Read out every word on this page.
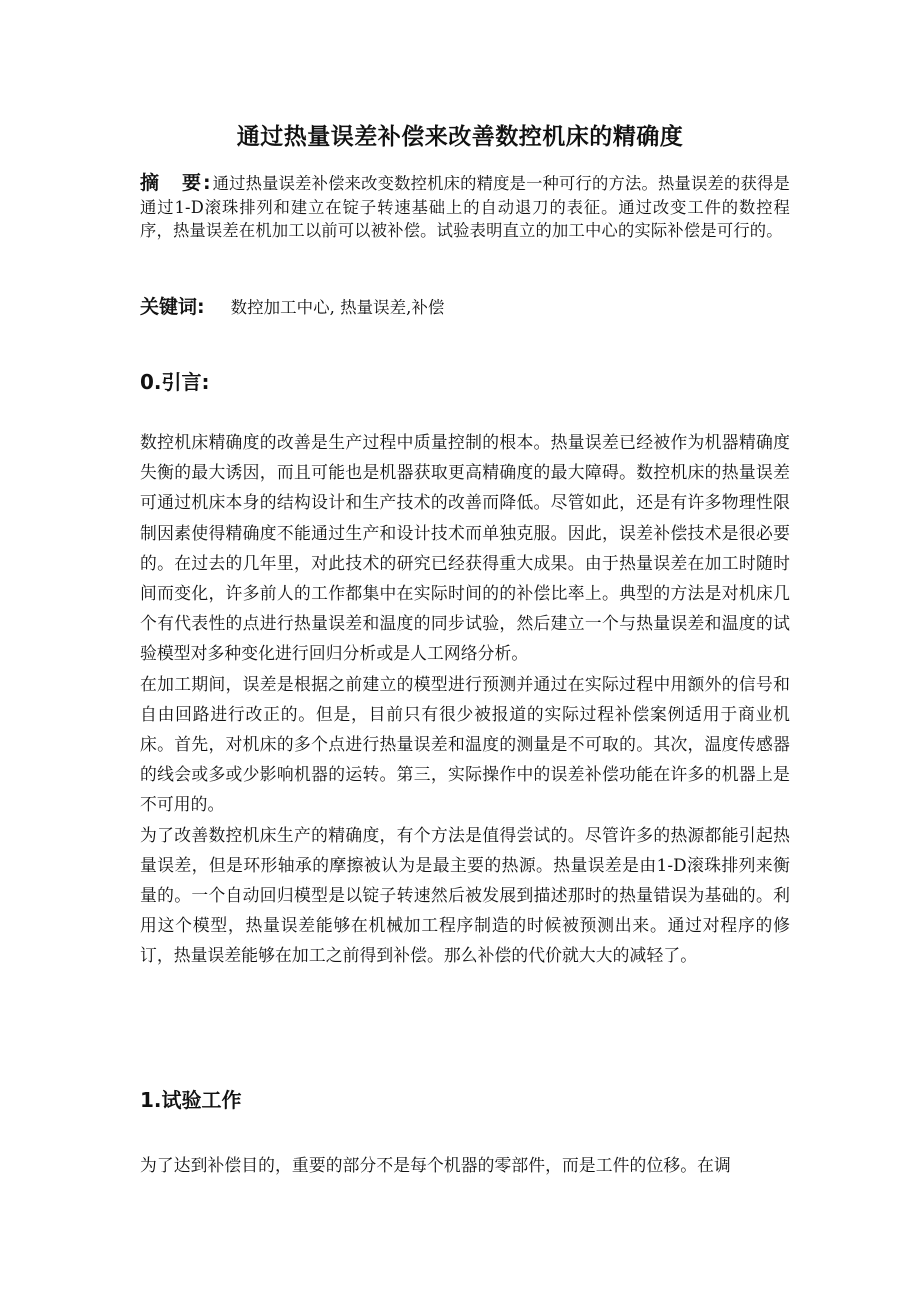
通过热量误差补偿来改善数控机床的精确度
摘　要:通过热量误差补偿来改变数控机床的精度是一种可行的方法。热量误差的获得是通过1-D滚珠排列和建立在锭子转速基础上的自动退刀的表征。通过改变工件的数控程序，热量误差在机加工以前可以被补偿。试验表明直立的加工中心的实际补偿是可行的。
关键词: 数控加工中心, 热量误差,补偿
0.引言:

数控机床精确度的改善是生产过程中质量控制的根本。热量误差已经被作为机器精确度失衡的最大诱因，而且可能也是机器获取更高精确度的最大障碍。数控机床的热量误差可通过机床本身的结构设计和生产技术的改善而降低。尽管如此，还是有许多物理性限制因素使得精确度不能通过生产和设计技术而单独克服。因此，误差补偿技术是很必要的。在过去的几年里，对此技术的研究已经获得重大成果。由于热量误差在加工时随时间而变化，许多前人的工作都集中在实际时间的的补偿比率上。典型的方法是对机床几个有代表性的点进行热量误差和温度的同步试验，然后建立一个与热量误差和温度的试验模型对多种变化进行回归分析或是人工网络分析。

在加工期间，误差是根据之前建立的模型进行预测并通过在实际过程中用额外的信号和自由回路进行改正的。但是，目前只有很少被报道的实际过程补偿案例适用于商业机床。首先，对机床的多个点进行热量误差和温度的测量是不可取的。其次，温度传感器的线会或多或少影响机器的运转。第三，实际操作中的误差补偿功能在许多的机器上是不可用的。

为了改善数控机床生产的精确度，有个方法是值得尝试的。尽管许多的热源都能引起热量误差，但是环形轴承的摩擦被认为是最主要的热源。热量误差是由1-D滚珠排列来衡量的。一个自动回归模型是以锭子转速然后被发展到描述那时的热量错误为基础的。利用这个模型，热量误差能够在机械加工程序制造的时候被预测出来。通过对程序的修订，热量误差能够在加工之前得到补偿。那么补偿的代价就大大的减轻了。

1.试验工作

为了达到补偿目的，重要的部分不是每个机器的零部件，而是工件的位移。在调
